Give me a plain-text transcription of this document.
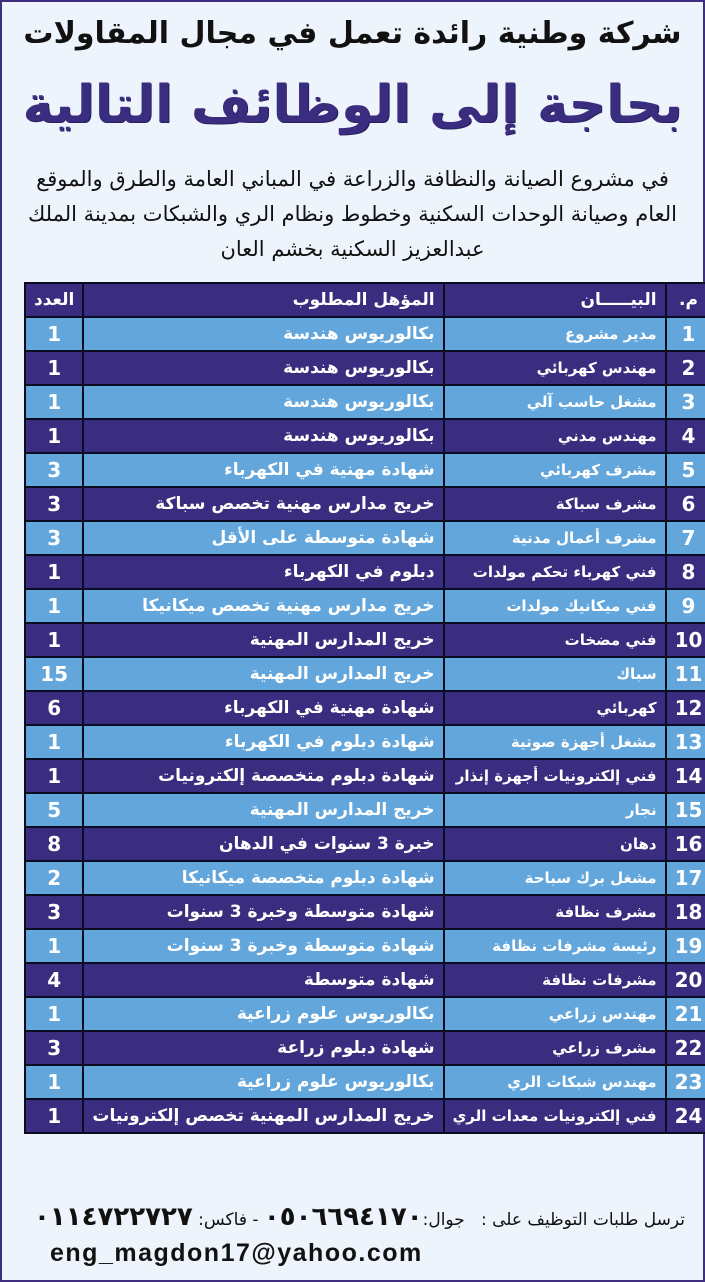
شركة وطنية رائدة تعمل في مجال المقاولات
بحاجة إلى الوظائف التالية
في مشروع الصيانة والنظافة والزراعة في المباني العامة والطرق والموقع العام وصيانة الوحدات السكنية وخطوط ونظام الري والشبكات بمدينة الملك عبدالعزيز السكنية بخشم العان
م.	البيـــــان	المؤهل المطلوب	العدد
1	مدير مشروع	بكالوريوس هندسة	1
2	مهندس كهربائي	بكالوريوس هندسة	1
3	مشغل حاسب آلي	بكالوريوس هندسة	1
4	مهندس مدني	بكالوريوس هندسة	1
5	مشرف كهربائي	شهادة مهنية في الكهرباء	3
6	مشرف سباكة	خريج مدارس مهنية تخصص سباكة	3
7	مشرف أعمال مدنية	شهادة متوسطة على الأقل	3
8	فني كهرباء تحكم مولدات	دبلوم في الكهرباء	1
9	فني ميكانيك مولدات	خريج مدارس مهنية تخصص ميكانيكا	1
10	فني مضخات	خريج المدارس المهنية	1
11	سباك	خريج المدارس المهنية	15
12	كهربائي	شهادة مهنية في الكهرباء	6
13	مشغل أجهزة صوتية	شهادة دبلوم في الكهرباء	1
14	فني إلكترونيات أجهزة إنذار	شهادة دبلوم متخصصة إلكترونيات	1
15	نجار	خريج المدارس المهنية	5
16	دهان	خبرة 3 سنوات في الدهان	8
17	مشغل برك سباحة	شهادة دبلوم متخصصة ميكانيكا	2
18	مشرف نظافة	شهادة متوسطة وخبرة 3 سنوات	3
19	رئيسة مشرفات نظافة	شهادة متوسطة وخبرة 3 سنوات	1
20	مشرفات نظافة	شهادة متوسطة	4
21	مهندس زراعي	بكالوريوس علوم زراعية	1
22	مشرف زراعي	شهادة دبلوم زراعة	3
23	مهندس شبكات الري	بكالوريوس علوم زراعية	1
24	فني إلكترونيات معدات الري	خريج المدارس المهنية تخصص إلكترونيات	1
ترسل طلبات التوظيف على :   جوال:٠٥٠٦٦٩٤١٧٠ - فاكس: ٠١١٤٧٢٢٧٢٧
eng_magdon17@yahoo.com
